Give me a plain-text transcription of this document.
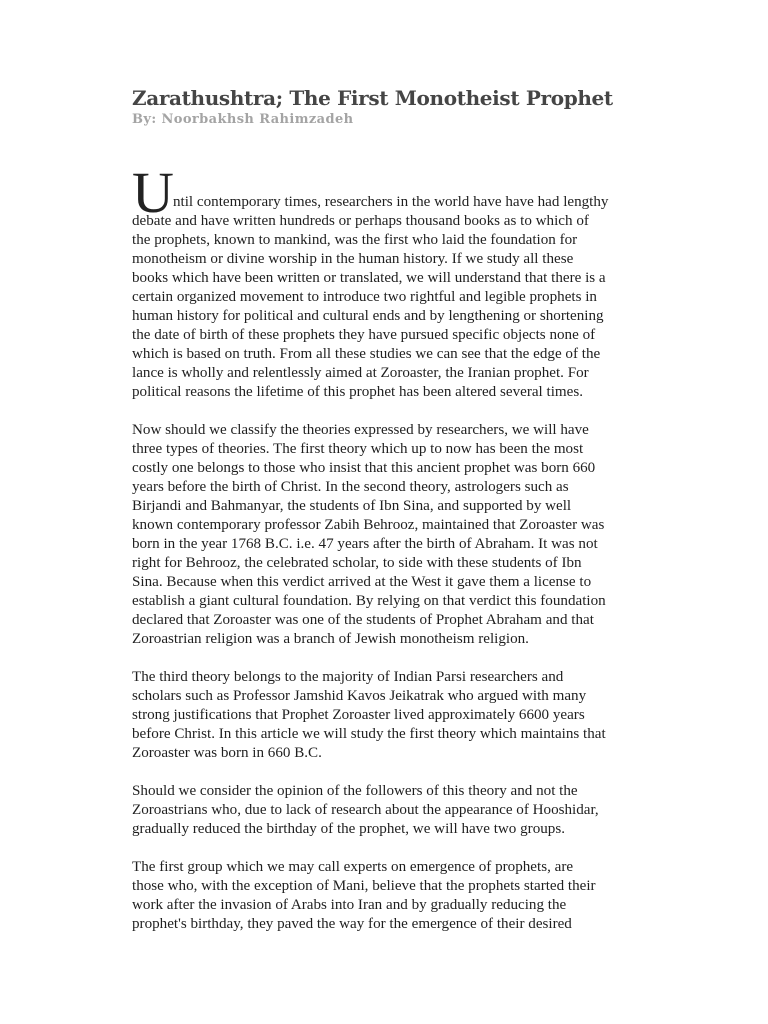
Zarathushtra; The First Monotheist Prophet

By: Noorbakhsh Rahimzadeh

U ntil contemporary times, researchers in the world have have had lengthy
debate and have written hundreds or perhaps thousand books as to which of
the prophets, known to mankind, was the first who laid the foundation for
monotheism or divine worship in the human history. If we study all these
books which have been written or translated, we will understand that there is a
certain organized movement to introduce two rightful and legible prophets in
human history for political and cultural ends and by lengthening or shortening
the date of birth of these prophets they have pursued specific objects none of
which is based on truth. From all these studies we can see that the edge of the
lance is wholly and relentlessly aimed at Zoroaster, the Iranian prophet. For
political reasons the lifetime of this prophet has been altered several times.

Now should we classify the theories expressed by researchers, we will have
three types of theories. The first theory which up to now has been the most
costly one belongs to those who insist that this ancient prophet was born 660
years before the birth of Christ. In the second theory, astrologers such as
Birjandi and Bahmanyar, the students of Ibn Sina, and supported by well
known contemporary professor Zabih Behrooz, maintained that Zoroaster was
born in the year 1768 B.C. i.e. 47 years after the birth of Abraham. It was not
right for Behrooz, the celebrated scholar, to side with these students of Ibn
Sina. Because when this verdict arrived at the West it gave them a license to
establish a giant cultural foundation. By relying on that verdict this foundation
declared that Zoroaster was one of the students of Prophet Abraham and that
Zoroastrian religion was a branch of Jewish monotheism religion.

The third theory belongs to the majority of Indian Parsi researchers and
scholars such as Professor Jamshid Kavos Jeikatrak who argued with many
strong justifications that Prophet Zoroaster lived approximately 6600 years
before Christ. In this article we will study the first theory which maintains that
Zoroaster was born in 660 B.C.

Should we consider the opinion of the followers of this theory and not the
Zoroastrians who, due to lack of research about the appearance of Hooshidar,
gradually reduced the birthday of the prophet, we will have two groups.

The first group which we may call experts on emergence of prophets, are
those who, with the exception of Mani, believe that the prophets started their
work after the invasion of Arabs into Iran and by gradually reducing the
prophet's birthday, they paved the way for the emergence of their desired
